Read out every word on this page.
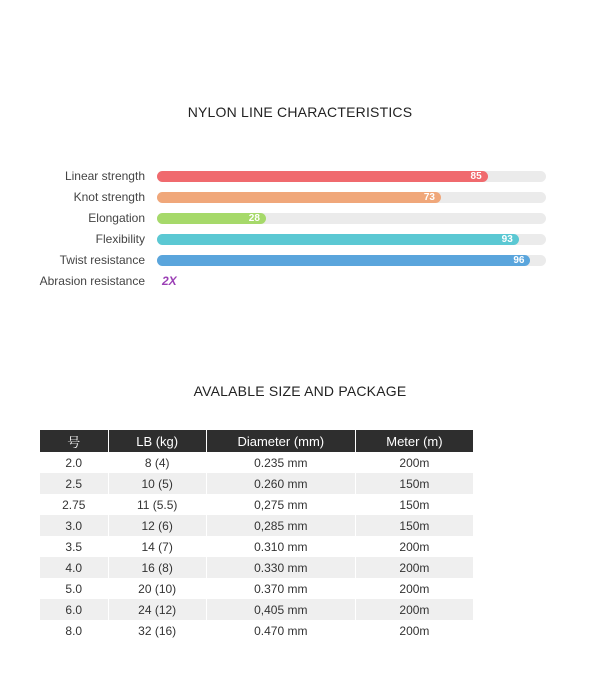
NYLON LINE CHARACTERISTICS
Linear strength	85
Knot strength	73
Elongation	28
Flexibility	93
Twist resistance	96
Abrasion resistance 2X
AVALABLE SIZE AND PACKAGE
号	LB (kg)	Diameter (mm)	Meter (m)
2.0	8 (4)	0.235 mm	200m
2.5	10 (5)	0.260 mm	150m
2.75	11 (5.5)	0,275 mm	150m
3.0	12 (6)	0,285 mm	150m
3.5	14 (7)	0.310 mm	200m
4.0	16 (8)	0.330 mm	200m
5.0	20 (10)	0.370 mm	200m
6.0	24 (12)	0,405 mm	200m
8.0	32 (16)	0.470 mm	200m
